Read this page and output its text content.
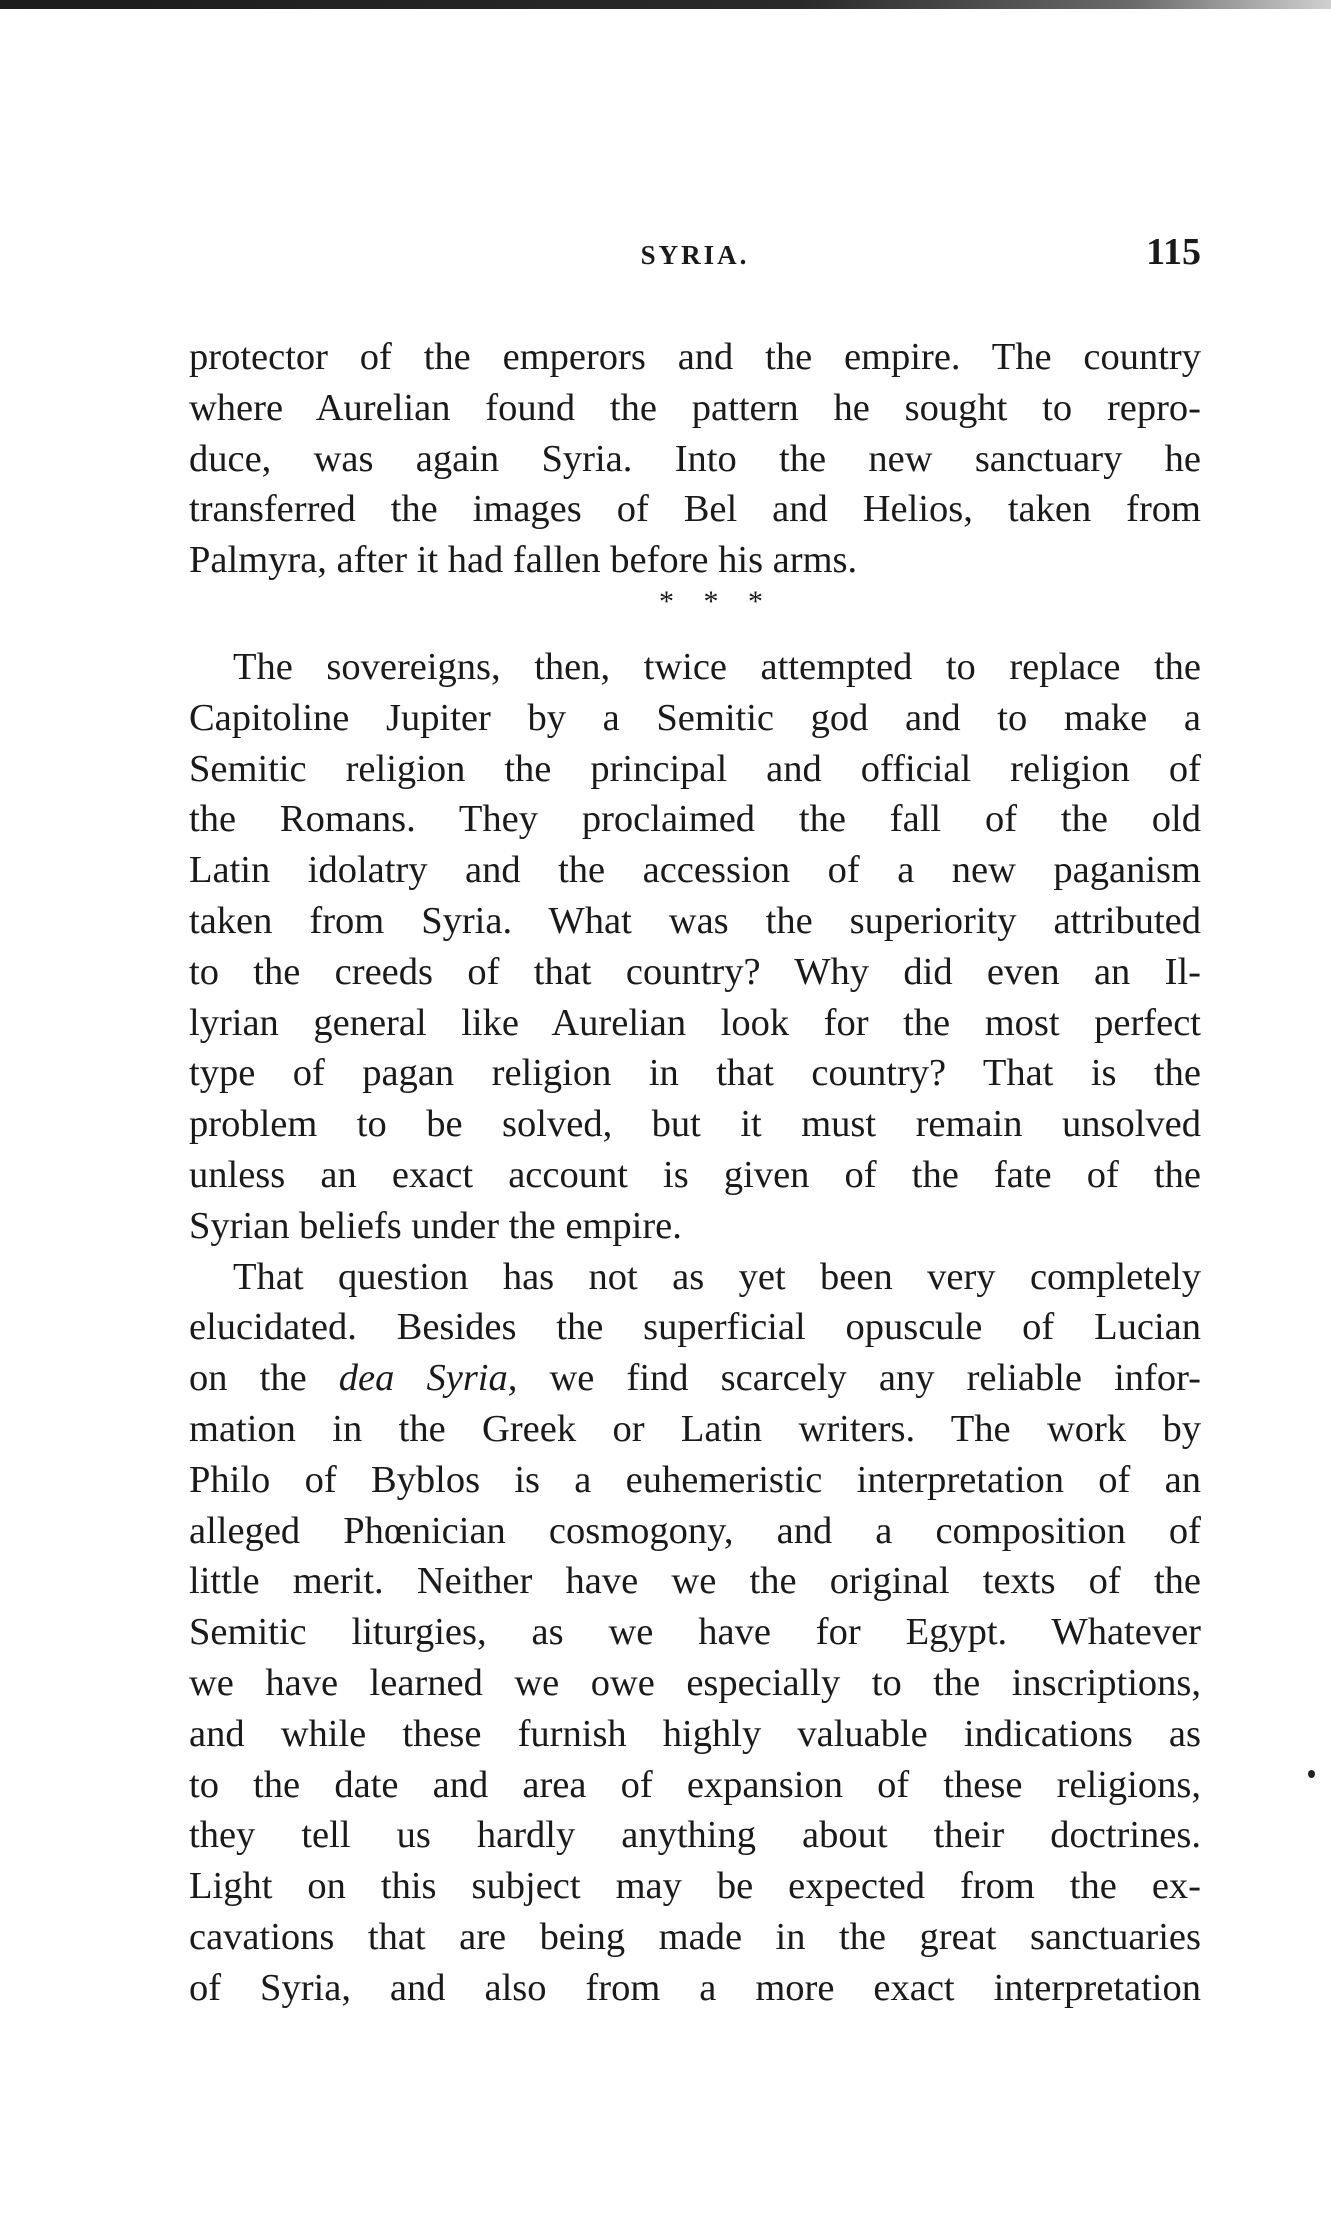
SYRIA.	115
protector of the emperors and the empire. The country
where Aurelian found the pattern he sought to repro-
duce, was again Syria. Into the new sanctuary he
transferred the images of Bel and Helios, taken from
Palmyra, after it had fallen before his arms.
* * *
The sovereigns, then, twice attempted to replace the
Capitoline Jupiter by a Semitic god and to make a
Semitic religion the principal and official religion of
the Romans. They proclaimed the fall of the old
Latin idolatry and the accession of a new paganism
taken from Syria. What was the superiority attributed
to the creeds of that country? Why did even an Il-
lyrian general like Aurelian look for the most perfect
type of pagan religion in that country? That is the
problem to be solved, but it must remain unsolved
unless an exact account is given of the fate of the
Syrian beliefs under the empire.
That question has not as yet been very completely
elucidated. Besides the superficial opuscule of Lucian
on the dea Syria, we find scarcely any reliable infor-
mation in the Greek or Latin writers. The work by
Philo of Byblos is a euhemeristic interpretation of an
alleged Phœnician cosmogony, and a composition of
little merit. Neither have we the original texts of the
Semitic liturgies, as we have for Egypt. Whatever
we have learned we owe especially to the inscriptions,
and while these furnish highly valuable indications as
to the date and area of expansion of these religions,
they tell us hardly anything about their doctrines.
Light on this subject may be expected from the ex-
cavations that are being made in the great sanctuaries
of Syria, and also from a more exact interpretation
